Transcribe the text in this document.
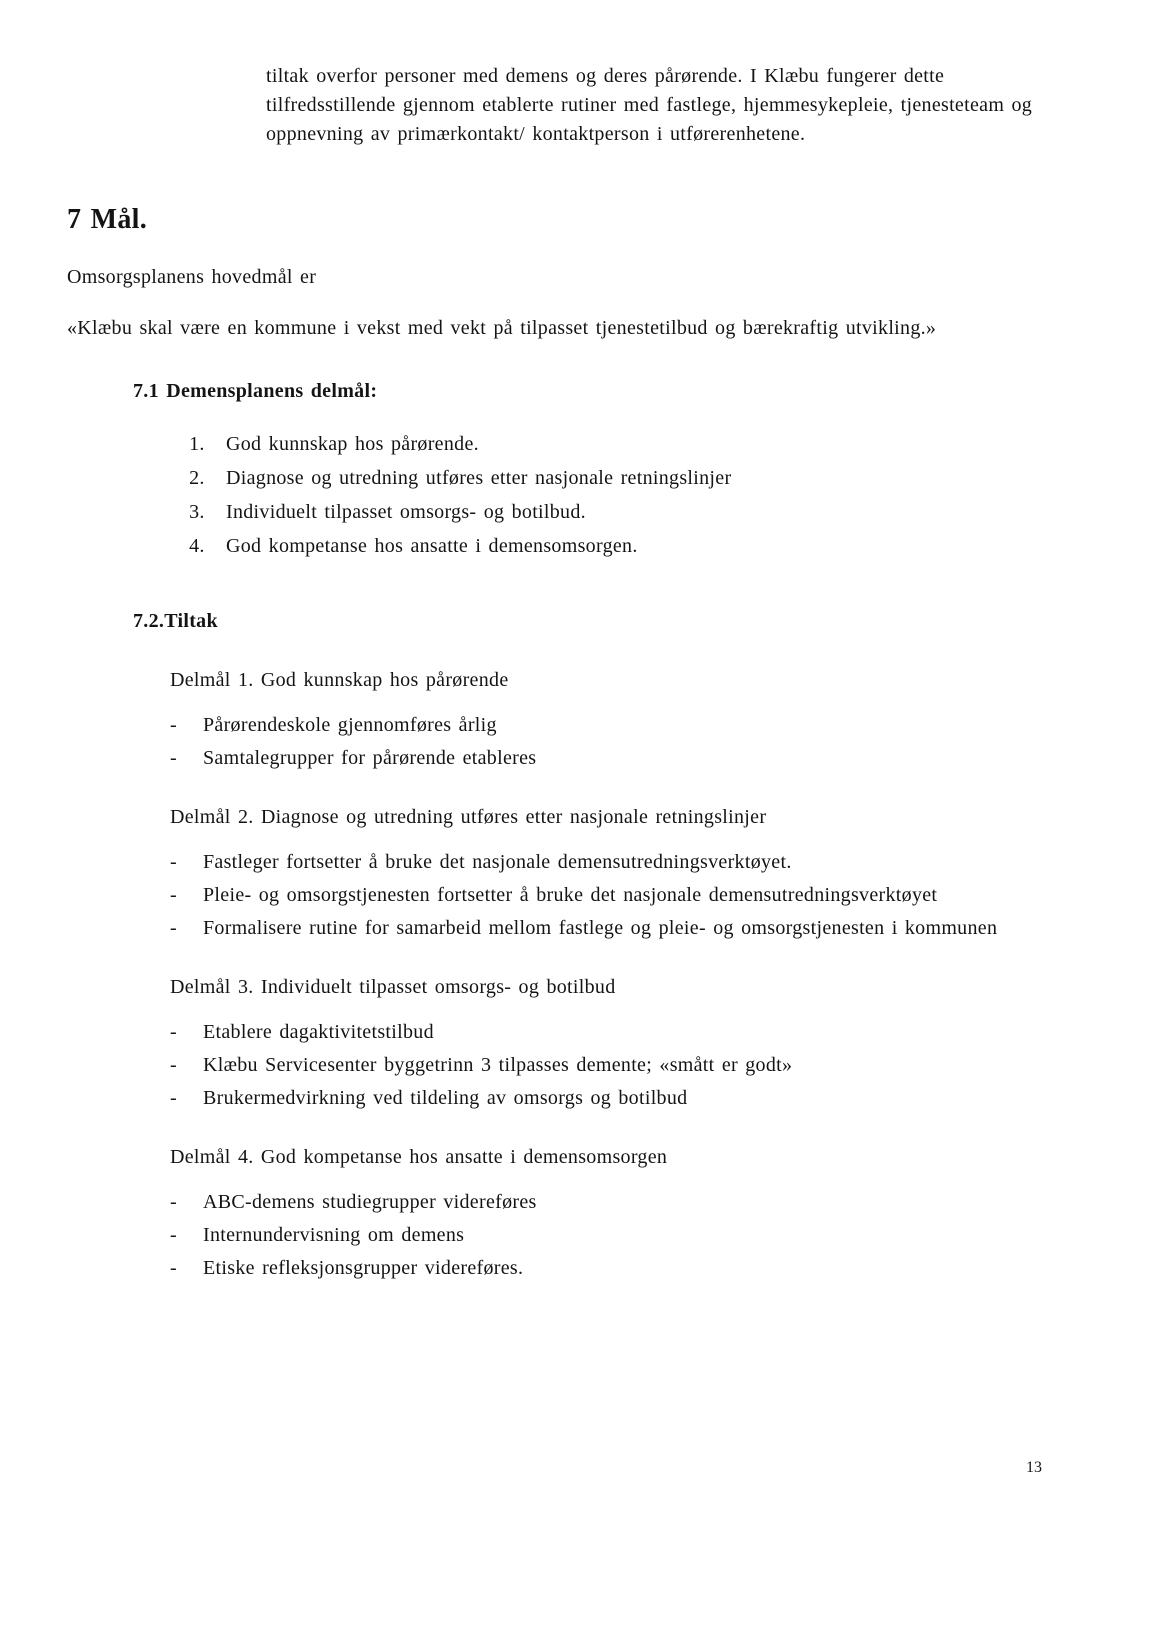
tiltak overfor personer med demens og deres pårørende. I Klæbu fungerer dette tilfredsstillende gjennom etablerte rutiner med fastlege, hjemmesykepleie, tjenesteteam og oppnevning av primærkontakt/ kontaktperson i utførerenhetene.

7 Mål.

Omsorgsplanens hovedmål er

«Klæbu skal være en kommune i vekst med vekt på tilpasset tjenestetilbud og bærekraftig utvikling.»

7.1 Demensplanens delmål:
1. God kunnskap hos pårørende.
2. Diagnose og utredning utføres etter nasjonale retningslinjer
3. Individuelt tilpasset omsorgs- og botilbud.
4. God kompetanse hos ansatte i demensomsorgen.
7.2.Tiltak

Delmål 1. God kunnskap hos pårørende

- Pårørendeskole gjennomføres årlig
- Samtalegrupper for pårørende etableres

Delmål 2. Diagnose og utredning utføres etter nasjonale retningslinjer

- Fastleger fortsetter å bruke det nasjonale demensutredningsverktøyet.
- Pleie- og omsorgstjenesten fortsetter å bruke det nasjonale demensutredningsverktøyet
- Formalisere rutine for samarbeid mellom fastlege og pleie- og omsorgstjenesten i kommunen

Delmål 3. Individuelt tilpasset omsorgs- og botilbud

- Etablere dagaktivitetstilbud
- Klæbu Servicesenter byggetrinn 3 tilpasses demente; «smått er godt»
- Brukermedvirkning ved tildeling av omsorgs og botilbud

Delmål 4. God kompetanse hos ansatte i demensomsorgen

- ABC-demens studiegrupper videreføres
- Internundervisning om demens
- Etiske refleksjonsgrupper videreføres.
13
